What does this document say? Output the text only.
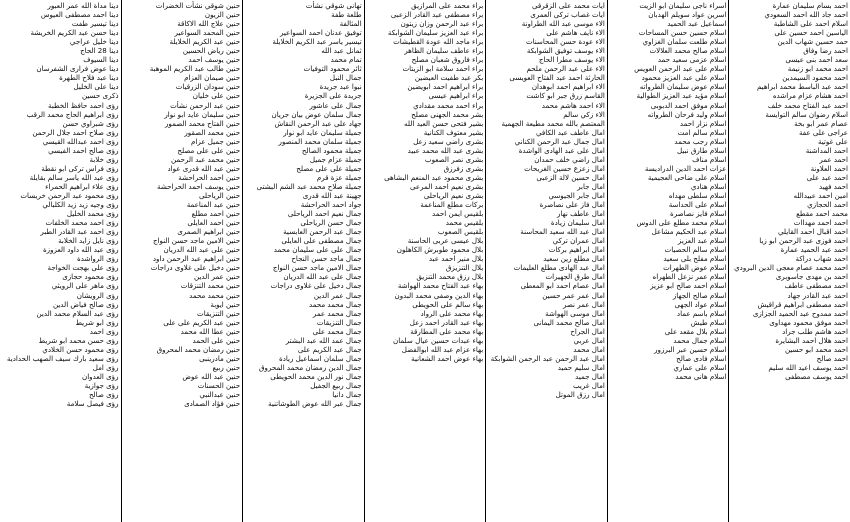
احمد بسام سليمان عمارة
احمد جاد الله احمد السعودي
اسلام احمد على الشاطبة
الياسين احمد حسين على
حمد حسين شهاب الدين
احمد رضا وفاق
سعد احمد بنى عيسى
احمد محمد ابو زنيمة
احمد محمود السيمدين
احمد عبد الباسط محمد ابراهيم
احمد هشام عزام مراشده
احمد عبد الفتاح محمد خلف
اسلام رضوان سالم التوايسة
عصام عمر ابو بخة
عراجى على عفة
على غوتية
احمد المداشنة
احمد عمر
احمد العلاونة
احمد عبد على
احمد فهيد
امين احمد عبيدالله
احمد الحجازي
محمد احمد مقطع
احمد احمد مهداات
احمد اقبال احمد القايلي
احمد فوزى عبد الرحمن ابو زيا
احمد عبد الحميد عمارة
احمد شهاب دراكة
احمد محمد عصام معجى الدين البرودي
احمد بن مهدى جاسوبرى
احمد مصطفى عاطف
احمد عبد القادر جهاد
احمد مصطفى ابراهيم قراقيش
احمد ممدوح عبد الحميد الجزازى
احمد موفق محمود مهداوى
احمد هاشم طلب جراد
احمد هلال احمد البشايرة
احمد محمد ابو حسين
احمد صالح
احمد يوسف اعيد الله سليم
احمد يوسف مصطفى
اسراء ناجى سليمان ابو الزيت
اسرين عواد سويلم الهدبان
اسماعيل عبد الحميد
اسلام حسين حسن المساحات
اسلام طلعت سلمان الغزاوي
اسلام صالح محمد العلالات
اسلام عزمى سعيد حمد
اسلام على عبد الرحمن العويس
اسلام على عبد العزيز محمود
اسلام عوض سليمان الطرواته
اسلام مؤيد عبد العزيز الطوالية
اسلام موفق احمد الدبوبى
اسلام وليد فرحان الطرواته
اسلام نزار احمد
اسلام سالم امت
اسلام رجب محمد
اسلام طارق نبيل
اسلام مناف
عزات احمد الدين الدراديسة
اسلام على ضاحى العجيمية
اسلام هنادي
اسلام سلطى مهداه
اسلام على الحداسة
اسلام فايز نصاصرة
اسلام محمد مطلع على الدوس
اسلام عبد الحكيم مشاعل
اسلام عبد العزيز
اسلام سالم الحصيات
اسلام مفلح بلى سعيد
اسلام عوض الطهرات
اسلام عمر نزعل الطهراه
اسلام احمد صالح ابو عزيز
اسلام صالح الجهاز
اسلام عواد الجهى
اسلام باسم عماد
اسلام طيش
اسلام بلال مقعد على
اسلام جمال محمد
اسلام حسين عبر البرزور
اسلام فادى صالح
اسلام على عماري
اسلام هانى محمد
ايات محمد على الزقرقى
ايات غصاب تركى العمرى
الاء موسى عبد الله الطراونة
الاء نايف هاشم على
الاء عودة حسن المحاسنات
الاء يوسف توفيق الشوابكة
الاء يوسف مطرا الحاج
الاء على عبد الرحمن ملحم
الحارثة احمد عبد الفتاح العويسى
الاء ابراهيم احمد ابوهدان
القاسم زرق جبر ابو كاشت
الاء احمد هاشم محمد
الاء زكي سالم
المعتصم بالله محمد مطيعة الجهمية
امال عاطف عبد الكافي
امال جمال عبد الرحمن الكناني
امال على عبد الهادى الواشدة
امال راضي خلف حمدان
امال زعزع حسين الغريحات
امال حسين لالة الزعبى
امال جابر
امال جابر الجيوسي
امال فاز على نصاصرة
امال عاطف نهار
امال سليمان زيادة
امال عبد الله سعيد المحاسنة
امال عمران تركي
امال ابراهيم بركات
امال مطلع زين سعيد
امال عبد الهادى مطلع العليمات
امال طرق الجهيرات
امال عصام احمد ابو المعطى
امال عمر عمر حسين
امال عمر نصر
امال موسى الهواشة
امال صالح محمد اليمانى
امال الجراح
امال عربي
امال محمد
امال عبد الرحمن عبد الرحمن الشوابكة
امال سليم حميد
امال جميد
امال غريب
امال رزق الموتل
براء محمد على المرازيق
براء مصطفى عبد القادر الزعبى
براء عبد الرحمن وزان زيتون
براء عبد العزيز سليمان الشوابكة
براء ماجد الله عودة القطيشات
براء عاطف سليمان الظاهر
براء فاروق شعبان مصلح
براء احمد سلامة ابو الزيتات
بكر عبد طفيت العيضين
براء ابراهيم احمد ابويضين
براء ابراهيم عيسى
براء احمد محمد مقدادي
بشر محمد الجهنى مصلح
بشير فتحى حسن العيد الله
بشير معتوف الكنانية
بشرى راضي سعيد زعل
بشرى عبد الله محمد عبيد
بشرى نصر الصعوب
بشرى زفرزق
بشرى محمود عبد المنعم البشاهى
بشرى نعيم احمد المرعى
بشرى نعيم الرياحلى
بركات مطلع المناعمة
بلقيس ايمن احمد
بلقيس محمد
بلقيس الصعوب
بلال عيسى عربى الحاسنة
بلال محمود طوبرش الكاهلون
بلال منير احمد عبد
بلال التنزيزق
بلال رزق محمد التنزيق
بهاء عبد الفتاح محمد الهواشة
بهاء الدين وصفى محمد البدون
بهاء سالم على الحويطى
بهاء محمد على الرواد
بهاء عبد القادر احمد زعل
بهاء محمد على المطارقة
بهاء عبدات حسين عيال سلمان
بهاء عزام عبد الله ابوالفضل
بهاء عوض احمد الشعانية
تهانى شوقي نشأت
طلعة طفة
المثالفة
توفيق عدنان احمد السواعير
تيسير ياسر عبد الكريم الخلايلة
ثمانل عبد الله
تمام محمد
ثائر محمود التوفيات
جمال النبل
نبوا عبد جريدة
جريدة على الجزيرة
جمال على عاشور
جمال سلمان عوض بيان جريان
جهاد على عبد الرحمن النقاش
جميلة سليمان عايد ابو نوار
جميلة سلمان محمد المنصور
جميلة محمود الصالح
جميلة عزام جميل
جميلة على على مصلح
جميلة عزة قرم
جميلة صلاح محمد عبد الشم البشتى
جهينة عبد الله قدرى
جواد احمد الحراحشة
جمال نعيم احمد الرياحلى
جمال حسن الرياحلى
جمال عبد الرحمن العابسية
جمال مصطفى على العايلى
جمال على على سليمان محمد
جمال ماجد حسن النجاح
جمال الامين ماجد حسن النواج
جمال على عبد الله الدريان
جمال دخيل على غلاوى دراجات
جمال عمر الدين
جمال محمد محمد
جمال محمد عمر
جمال التنزيقات
جمال محمد على
جمال عمد الله عبد البشتر
جمال عبد الكريم على
جمال سلمان اسماعيل ريادة
جمال الدين رمضان محمد المحروق
جمال نور الدين محمد الحويطى
جمال ربيع الجفيل
جمال دانيا
جمال عبر الله عوض الطوشاتنية
حنين شوقي نشأت الخضرات
حنين الزيون
حنين علاج الله الاكاقة
حنين المحمد السواعير
حنين عبد الكريم الخلايلة
حنين رياض الحسين
حنين يوسف احمد
حنين طالب عبد الكريم الموهبة
حنين صيمان العزام
حنين سودان الزرقيات
حنين على خليان
حنين عبد الرحمن نشأت
حنين سليمان عايد ابو نوار
حنين الفتاح محمد الصمور
حنين محمد الصقور
حنين جميل عزام
حنين على على مصلح
حنين محمد عبد الرحمن
حنين عبد الله قدرى عواد
حنين احمد الحراحشة
حنين يوسف احمد الحراحشة
حنين الرياحلى
حنين عبد المناعمة
حنين احمد مطلع
حنين احمد العايلى
حنين ابراهيم الصمرى
حنين الامين ماجد حسن النواج
حنين على عبد الله الدريان
حنين ابراهيم عبد الرحمن داود
حنين دخيل على غلاوى دراجات
حنين عمر الدين
حنين محمد التنزقات
حنين محمد محمد
حنين ايوبة
حنين التنزيقات
حنين عبد الكريم على على
حنين عطا الله محمد
حنين على الحمد
حنين رمضان محمد المحروق
حنين مادرينبى
حنين ربيع
حنين عبد الله عوض
حنين الحسنات
حنين عبدالنبي
حنين فؤاد الصمادى
دينا مداة الله عمر العبور
دينا احمد مصطفى العيوس
دينا تيسير طفت
دينا حسن عبد الكريم الخريشة
دينا خليل عراجي
دينا 28 الحاج
دينا السيوف
دينا عوض فرارى الشفرسان
دينا عبد فلاح الطهرة
دينا على الخليل
ذكرى حسين
رؤى احمد حافظ الخطبة
رؤى ابراهيم الحاج محمد الرقب
رؤى شبراوي حسن
رؤى صلاح احمد جلال الرحمن
رؤى احمد عبدالله القيسي
رؤى صالح احمد الفيسي
رؤى خلابة
رؤى فراس تركى ابو نقطة
رؤى عبد الله ياسر سالم بقايلة
رؤى علاء ابراهيم الحمراء
رؤى محمود عبد الرحمن خريسات
رؤى وجيه زيد زيد الكلبالي
رؤى محمد الخليل
رؤى احمد محمد الخلفات
رؤى احمد عبد القادر الطبر
رؤى نايل زايد الخلابة
رؤى عبد الله داود العزوزة
رؤى الرواشدة
رؤى على بهجت الخواجة
رؤى محمود حجازى
رؤى ماهر على الرويثي
رؤى الرويشان
رؤى صالح فياض الدين
رؤى عبد السلام محمد الدين
رؤى ابو شريط
رؤى احمد
رؤى حسن محمد ابو شريط
رؤى محمود حسن الخلادي
رؤى سعيد بارك سيف الصهب الحدادية
رؤى امل
رؤى العدوان
رؤى جوازية
رؤى صالح
رؤى فيصل سلامة
